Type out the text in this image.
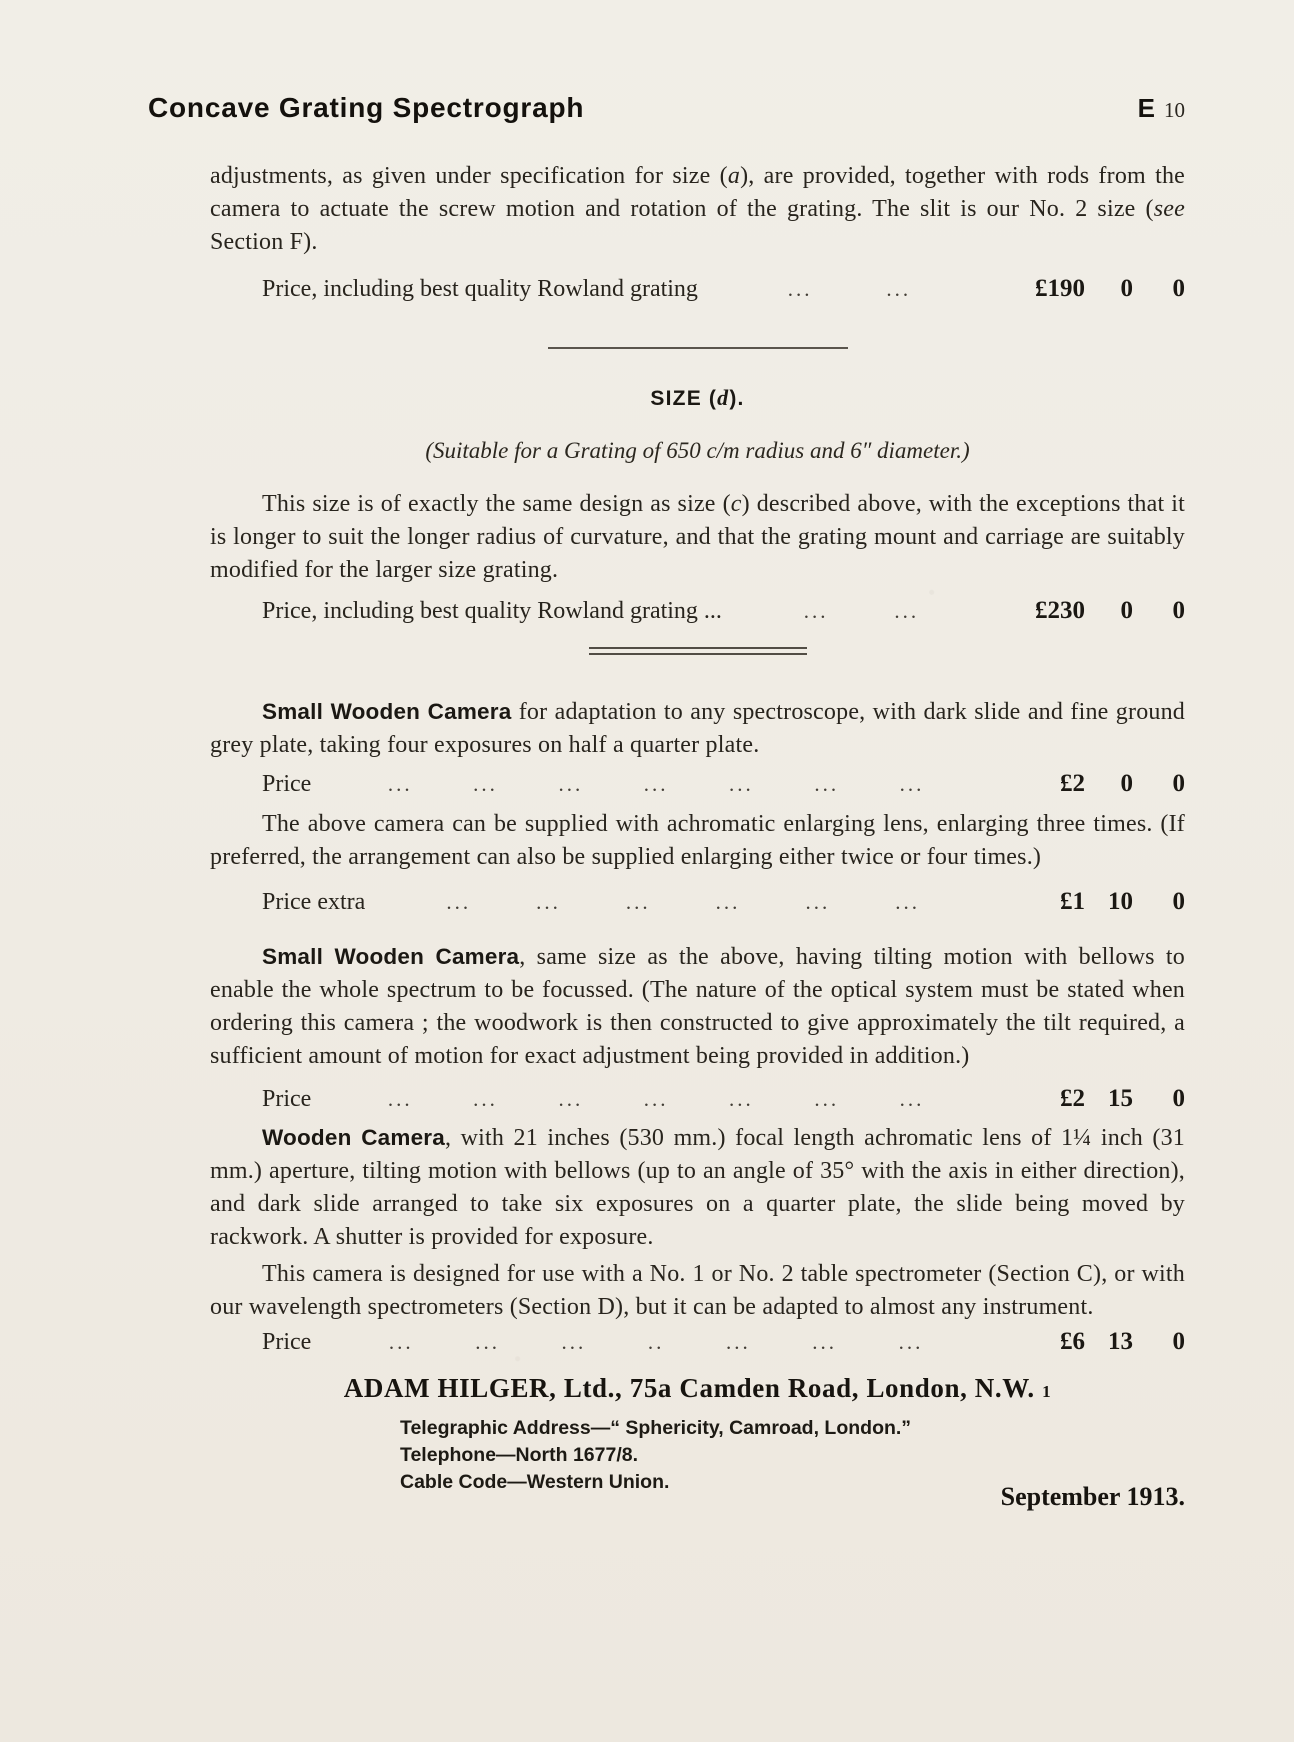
Concave Grating Spectrograph	E 10

adjustments, as given under specification for size (a), are provided, together with rods from the camera to actuate the screw motion and rotation of the grating. The slit is our No. 2 size (see Section F).

Price, including best quality Rowland grating	...	...	£190	0	0
SIZE (d).

(Suitable for a Grating of 650 c/m radius and 6″ diameter.)

This size is of exactly the same design as size (c) described above, with the exceptions that it is longer to suit the longer radius of curvature, and that the grating mount and carriage are suitably modified for the larger size grating.

Price, including best quality Rowland grating ...	...	...	£230	0	0

Small Wooden Camera for adaptation to any spectroscope, with dark slide and fine ground grey plate, taking four exposures on half a quarter plate.

Price	...	...	...	...	...	...	...	£2	0	0

The above camera can be supplied with achromatic enlarging lens, enlarging three times. (If preferred, the arrangement can also be supplied enlarging either twice or four times.)

Price extra	...	...	...	...	...	...	£1 10	0

Small Wooden Camera, same size as the above, having tilting motion with bellows to enable the whole spectrum to be focussed. (The nature of the optical system must be stated when ordering this camera ; the woodwork is then constructed to give approximately the tilt required, a sufficient amount of motion for exact adjustment being provided in addition.)

Price	...	...	...	...	...	...	...	£2 15	0

Wooden Camera, with 21 inches (530 mm.) focal length achromatic lens of 1¼ inch (31 mm.) aperture, tilting motion with bellows (up to an angle of 35° with the axis in either direction), and dark slide arranged to take six exposures on a quarter plate, the slide being moved by rackwork. A shutter is provided for exposure.

This camera is designed for use with a No. 1 or No. 2 table spectrometer (Section C), or with our wavelength spectrometers (Section D), but it can be adapted to almost any instrument.

Price	...	...	...	..	...	...	...	£6 13	0
ADAM HILGER, Ltd., 75a Camden Road, London, N.W. 1
Telegraphic Address—“ Sphericity, Camroad, London.”
Telephone—North 1677/8.
Cable Code—Western Union.	September 1913.
